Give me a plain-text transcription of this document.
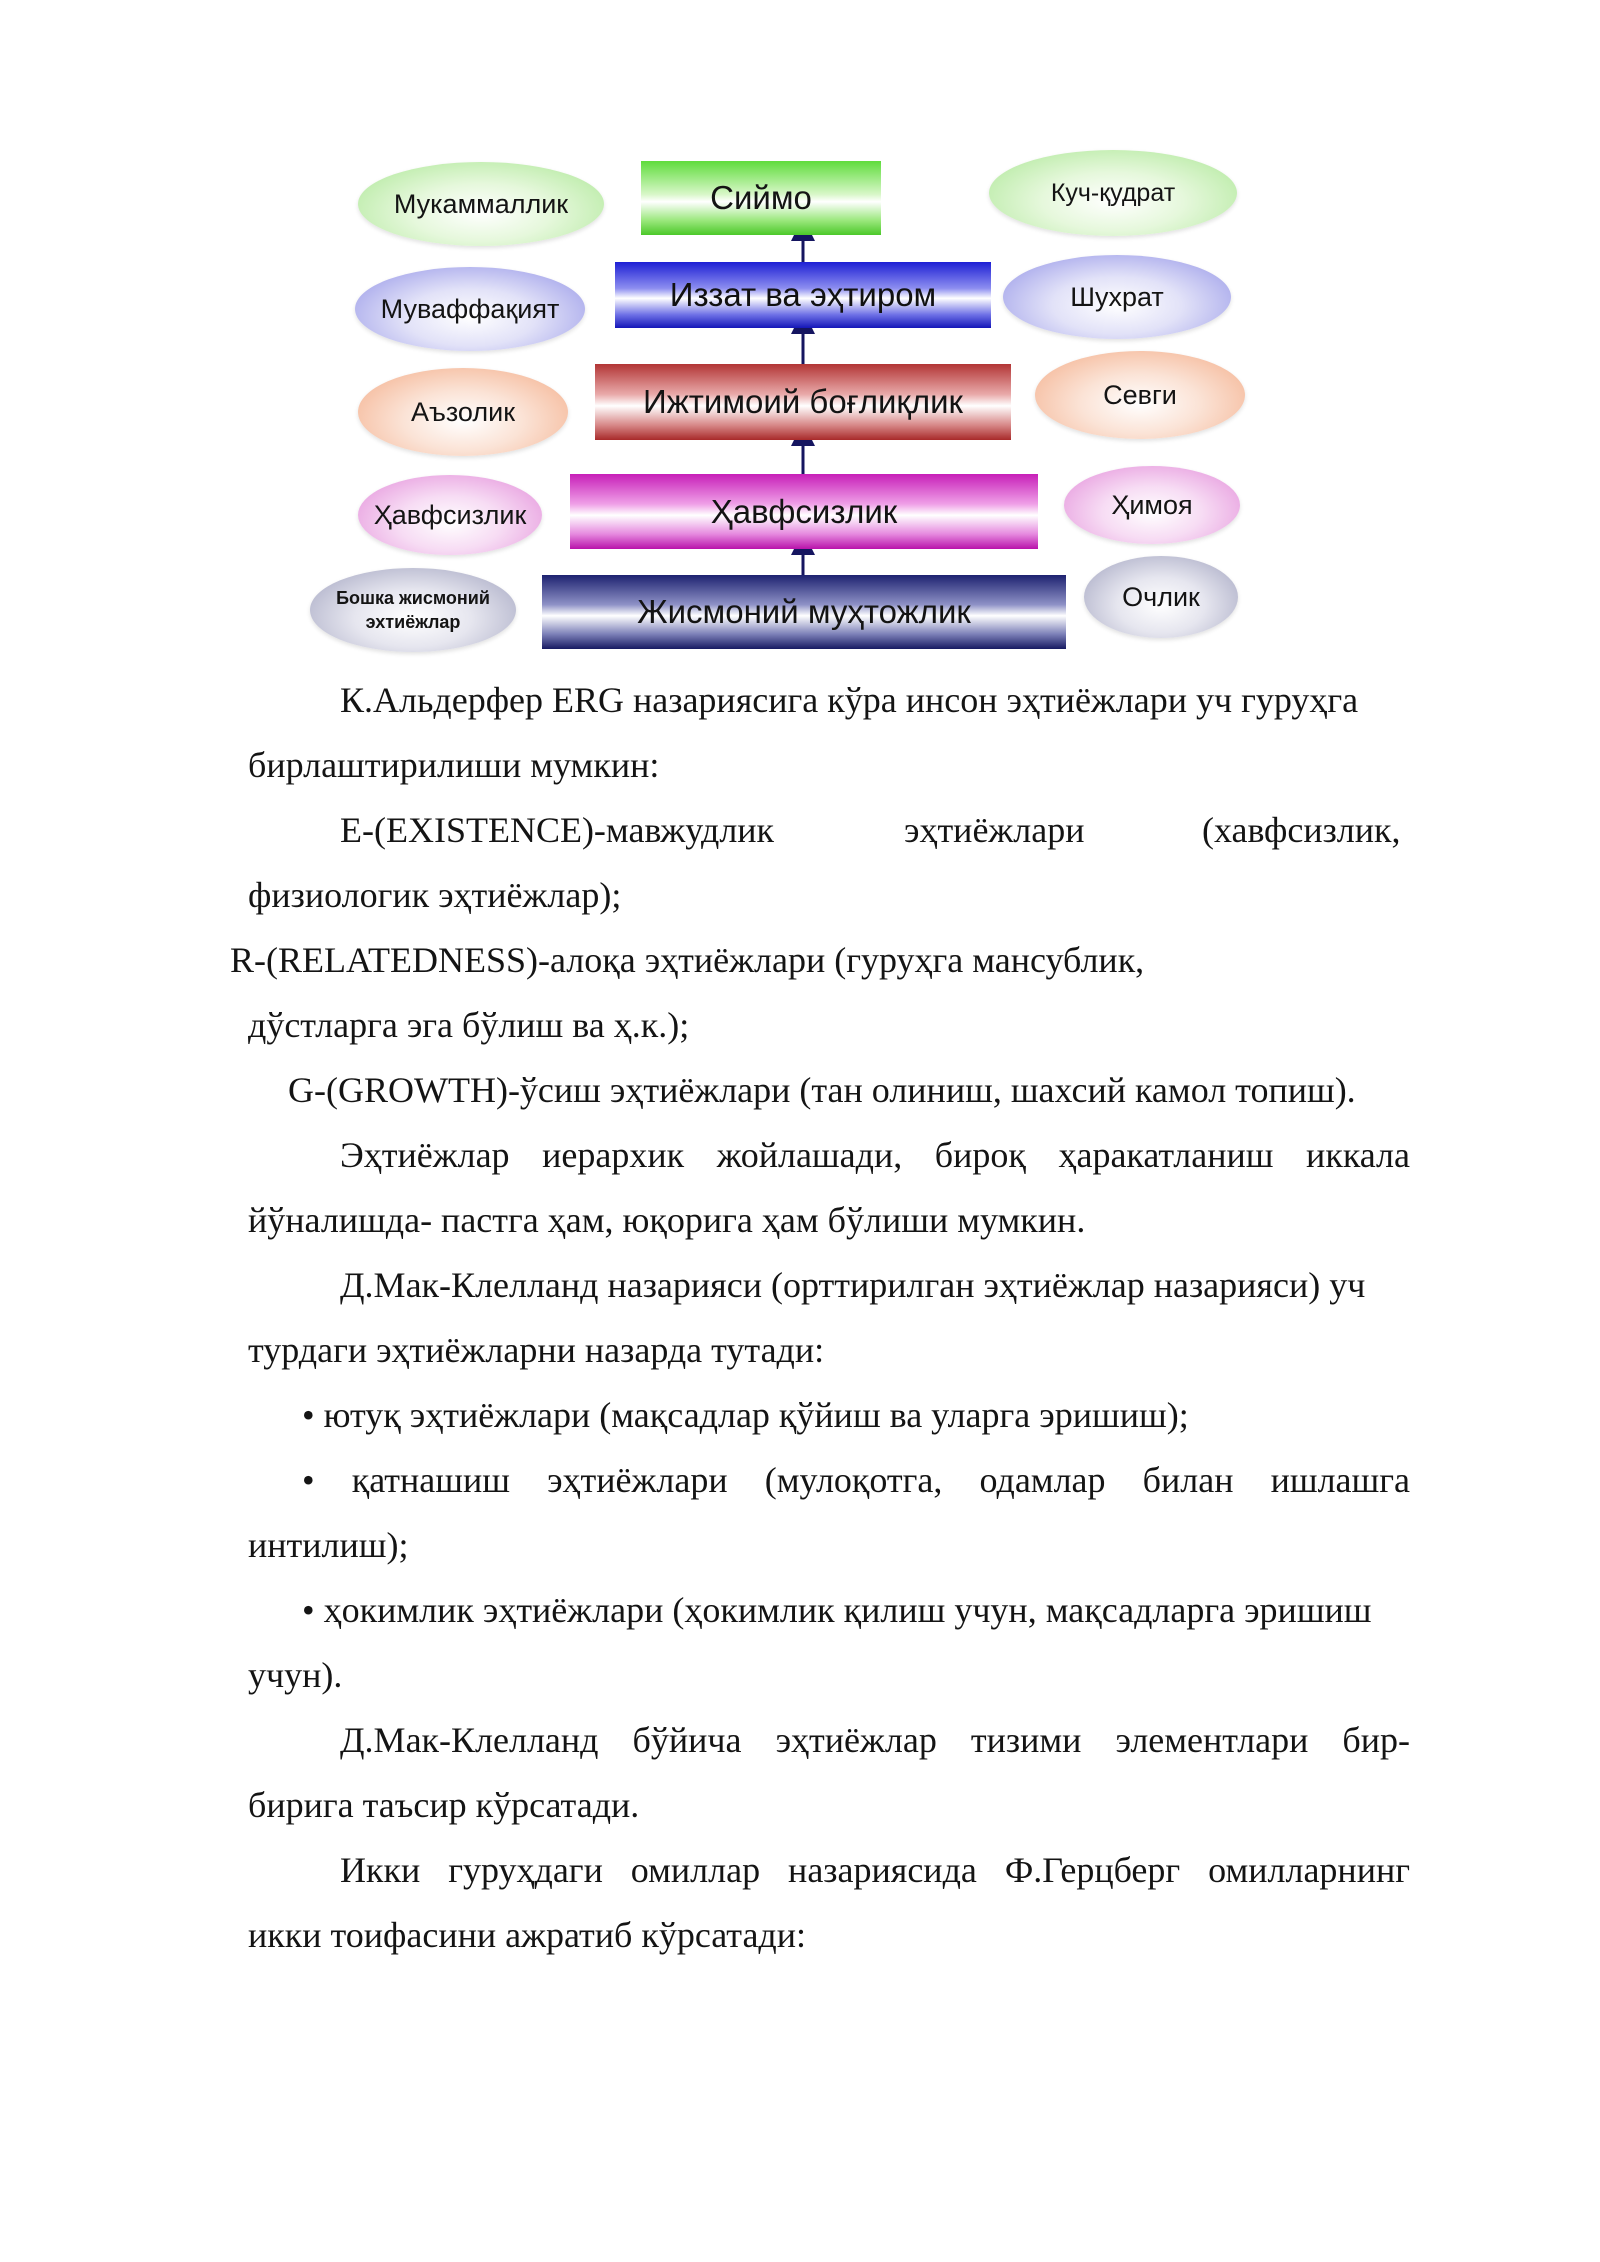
Сиймо
Иззат ва эҳтиром
Ижтимоий боғлиқлик
Ҳавфсизлик
Жисмоний муҳтожлик
Мукаммаллик
Муваффақият
Аъзолик
Ҳавфсизлик
Бошка жисмоний
эхтиёжлар
Куч-қудрат
Шухрат
Севги
Ҳимоя
Очлик
К.Альдерфер ERG назариясига кўра инсон эҳтиёжлари уч гуруҳга
бирлаштирилиши мумкин:
E-(EXISTENCE)-мавжудлик	эҳтиёжлари	(хавфсизлик,
физиологик эҳтиёжлар);
R-(RELATEDNESS)-алоқа эҳтиёжлари (гуруҳга мансублик,
дўстларга эга бўлиш ва ҳ.к.);
G-(GROWTH)-ўсиш эҳтиёжлари (тан олиниш, шахсий камол топиш).
Эҳтиёжлар иерархик жойлашади, бироқ ҳаракатланиш иккала
йўналишда- пастга ҳам, юқорига ҳам бўлиши мумкин.
Д.Мак-Клелланд назарияси (орттирилган эҳтиёжлар назарияси) уч
турдаги эҳтиёжларни назарда тутади:
• ютуқ эҳтиёжлари (мақсадлар қўйиш ва уларга эришиш);
• қатнашиш эҳтиёжлари (мулоқотга, одамлар билан ишлашга
интилиш);
• ҳокимлик эҳтиёжлари (ҳокимлик қилиш учун, мақсадларга эришиш
учун).
Д.Мак-Клелланд бўйича эҳтиёжлар тизими элементлари бир-
бирига таъсир кўрсатади.
Икки гуруҳдаги омиллар назариясида Ф.Герцберг омилларнинг
икки тоифасини ажратиб кўрсатади:
